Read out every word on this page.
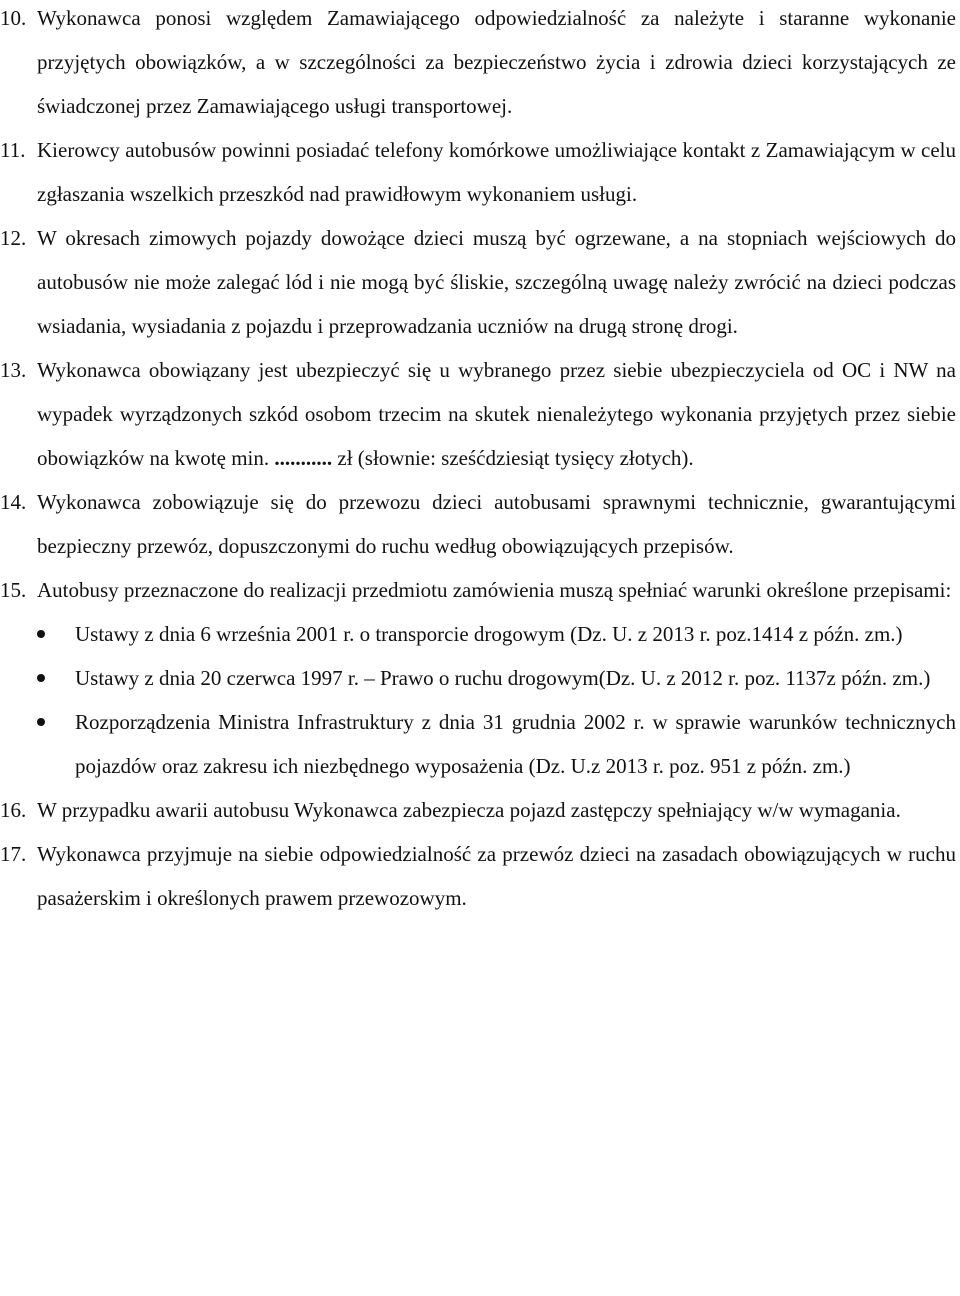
10. Wykonawca ponosi względem Zamawiającego odpowiedzialność za należyte i staranne wykonanie przyjętych obowiązków, a w szczególności za bezpieczeństwo życia i zdrowia dzieci korzystających ze świadczonej przez Zamawiającego usługi transportowej.

11. Kierowcy autobusów powinni posiadać telefony komórkowe umożliwiające kontakt z Zamawiającym w celu zgłaszania wszelkich przeszkód nad prawidłowym wykonaniem usługi.

12. W okresach zimowych pojazdy dowożące dzieci muszą być ogrzewane, a na stopniach wejściowych do autobusów nie może zalegać lód i nie mogą być śliskie, szczególną uwagę należy zwrócić na dzieci podczas wsiadania, wysiadania z pojazdu i przeprowadzania uczniów na drugą stronę drogi.

13. Wykonawca obowiązany jest ubezpieczyć się u wybranego przez siebie ubezpieczyciela od OC i NW na wypadek wyrządzonych szkód osobom trzecim na skutek nienależytego wykonania przyjętych przez siebie obowiązków na kwotę min. ........... zł (słownie: sześćdziesiąt tysięcy złotych).

14. Wykonawca zobowiązuje się do przewozu dzieci autobusami sprawnymi technicznie, gwarantującymi bezpieczny przewóz, dopuszczonymi do ruchu według obowiązujących przepisów.

15. Autobusy przeznaczone do realizacji przedmiotu zamówienia muszą spełniać warunki określone przepisami:

Ustawy z dnia 6 września 2001 r. o transporcie drogowym (Dz. U. z 2013 r. poz.1414 z późn. zm.)
Ustawy z dnia 20 czerwca 1997 r. – Prawo o ruchu drogowym(Dz. U. z 2012 r. poz. 1137z późn. zm.)
Rozporządzenia Ministra Infrastruktury z dnia 31 grudnia 2002 r. w sprawie warunków technicznych pojazdów oraz zakresu ich niezbędnego wyposażenia (Dz. U.z 2013 r. poz. 951 z późn. zm.)

16. W przypadku awarii autobusu Wykonawca zabezpiecza pojazd zastępczy spełniający w/w wymagania.

17. Wykonawca przyjmuje na siebie odpowiedzialność za przewóz dzieci na zasadach obowiązujących w ruchu pasażerskim i określonych prawem przewozowym.
